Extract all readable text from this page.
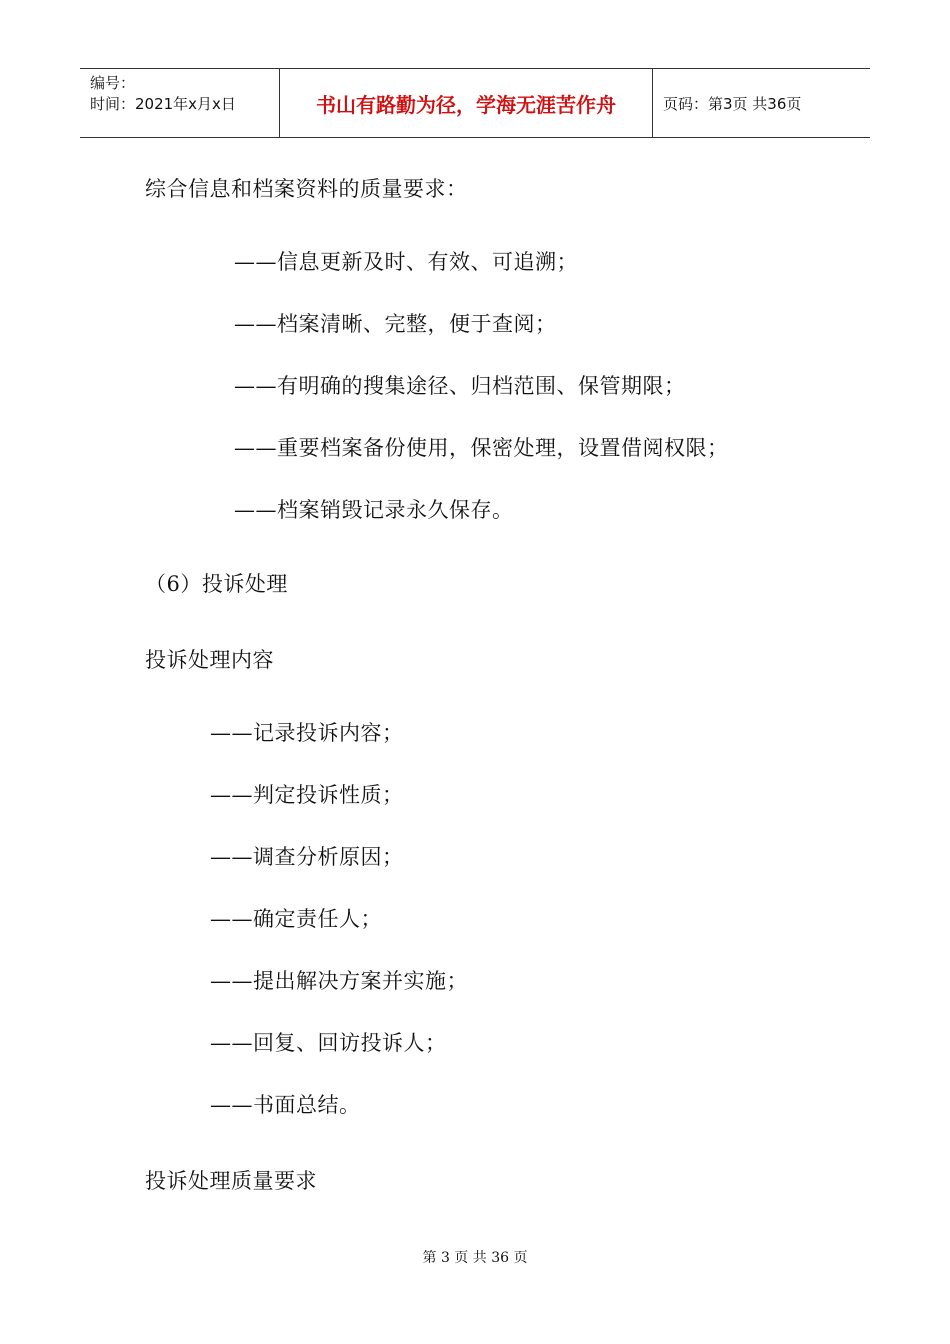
编号：
时间：2021年x月x日	书山有路勤为径，学海无涯苦作舟	页码：第3页 共36页
综合信息和档案资料的质量要求：
——信息更新及时、有效、可追溯；
——档案清晰、完整，便于查阅；
——有明确的搜集途径、归档范围、保管期限；
——重要档案备份使用，保密处理，设置借阅权限；
——档案销毁记录永久保存。
（6）投诉处理
投诉处理内容
——记录投诉内容；
——判定投诉性质；
——调查分析原因；
——确定责任人；
——提出解决方案并实施；
——回复、回访投诉人；
——书面总结。
投诉处理质量要求
第 3 页 共 36 页
